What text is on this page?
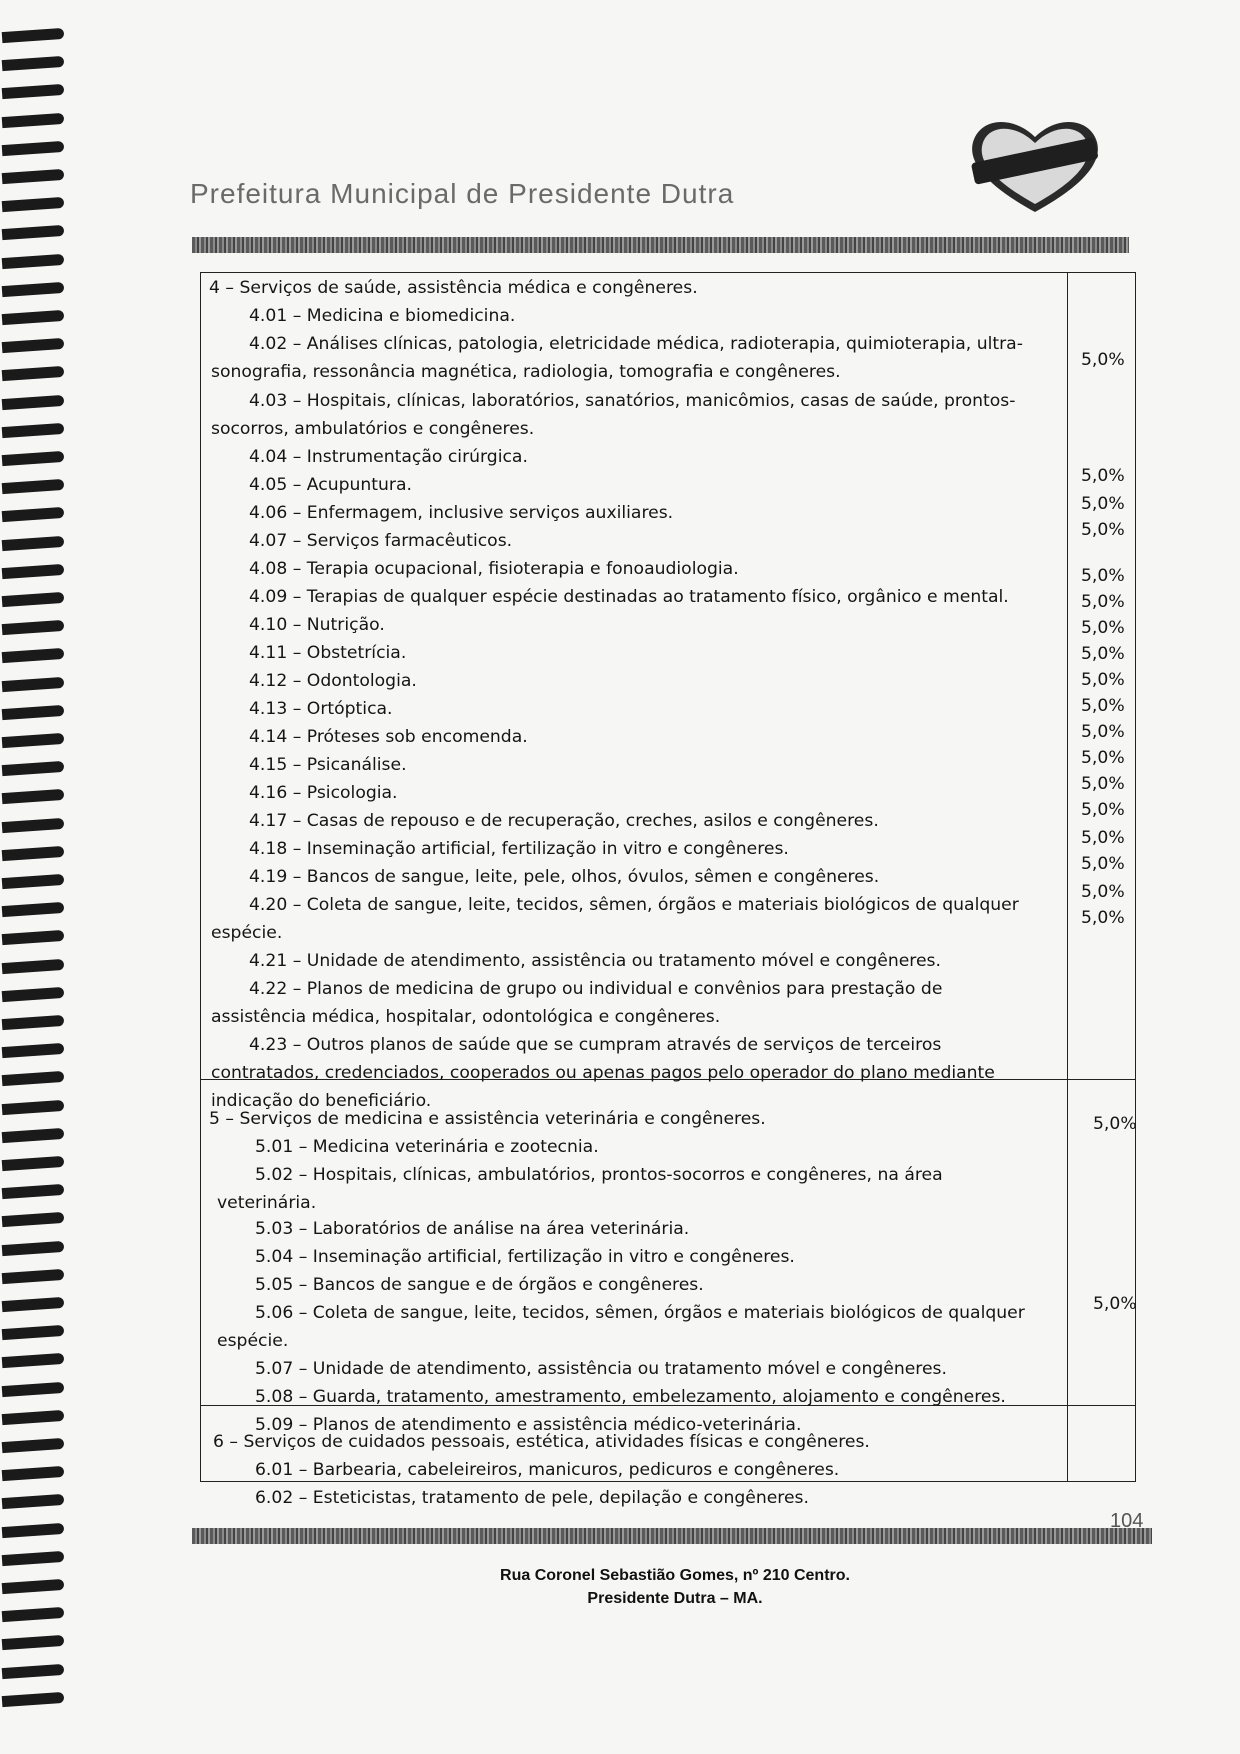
Prefeitura Municipal de Presidente Dutra
4 – Serviços de saúde, assistência médica e congêneres.
4.01 – Medicina e biomedicina.
4.02 – Análises clínicas, patologia, eletricidade médica, radioterapia, quimioterapia, ultra-
sonografia, ressonância magnética, radiologia, tomografia e congêneres.
4.03 – Hospitais, clínicas, laboratórios, sanatórios, manicômios, casas de saúde, prontos-
socorros, ambulatórios e congêneres.
4.04 – Instrumentação cirúrgica.
4.05 – Acupuntura.
4.06 – Enfermagem, inclusive serviços auxiliares.
4.07 – Serviços farmacêuticos.
4.08 – Terapia ocupacional, fisioterapia e fonoaudiologia.
4.09 – Terapias de qualquer espécie destinadas ao tratamento físico, orgânico e mental.
4.10 – Nutrição.
4.11 – Obstetrícia.
4.12 – Odontologia.
4.13 – Ortóptica.
4.14 – Próteses sob encomenda.
4.15 – Psicanálise.
4.16 – Psicologia.
4.17 – Casas de repouso e de recuperação, creches, asilos e congêneres.
4.18 – Inseminação artificial, fertilização in vitro e congêneres.
4.19 – Bancos de sangue, leite, pele, olhos, óvulos, sêmen e congêneres.
4.20 – Coleta de sangue, leite, tecidos, sêmen, órgãos e materiais biológicos de qualquer
espécie.
4.21 – Unidade de atendimento, assistência ou tratamento móvel e congêneres.
4.22 – Planos de medicina de grupo ou individual e convênios para prestação de
assistência médica, hospitalar, odontológica e congêneres.
4.23 – Outros planos de saúde que se cumpram através de serviços de terceiros
contratados, credenciados, cooperados ou apenas pagos pelo operador do plano mediante
indicação do beneficiário.
5 – Serviços de medicina e assistência veterinária e congêneres.
5.01 – Medicina veterinária e zootecnia.
5.02 – Hospitais, clínicas, ambulatórios, prontos-socorros e congêneres, na área
veterinária.
5.03 – Laboratórios de análise na área veterinária.
5.04 – Inseminação artificial, fertilização in vitro e congêneres.
5.05 – Bancos de sangue e de órgãos e congêneres.
5.06 – Coleta de sangue, leite, tecidos, sêmen, órgãos e materiais biológicos de qualquer
espécie.
5.07 – Unidade de atendimento, assistência ou tratamento móvel e congêneres.
5.08 – Guarda, tratamento, amestramento, embelezamento, alojamento e congêneres.
5.09 – Planos de atendimento e assistência médico-veterinária.
6 – Serviços de cuidados pessoais, estética, atividades físicas e congêneres.
6.01 – Barbearia, cabeleireiros, manicuros, pedicuros e congêneres.
6.02 – Esteticistas, tratamento de pele, depilação e congêneres.
5,0%
5,0%
5,0%
5,0%
5,0%
5,0%
5,0%
5,0%
5,0%
5,0%
5,0%
5,0%
5,0%
5,0%
5,0%
5,0%
5,0%
5,0%
5,0%
5,0%
104
Rua Coronel Sebastião Gomes, nº 210 Centro.
Presidente Dutra – MA.
